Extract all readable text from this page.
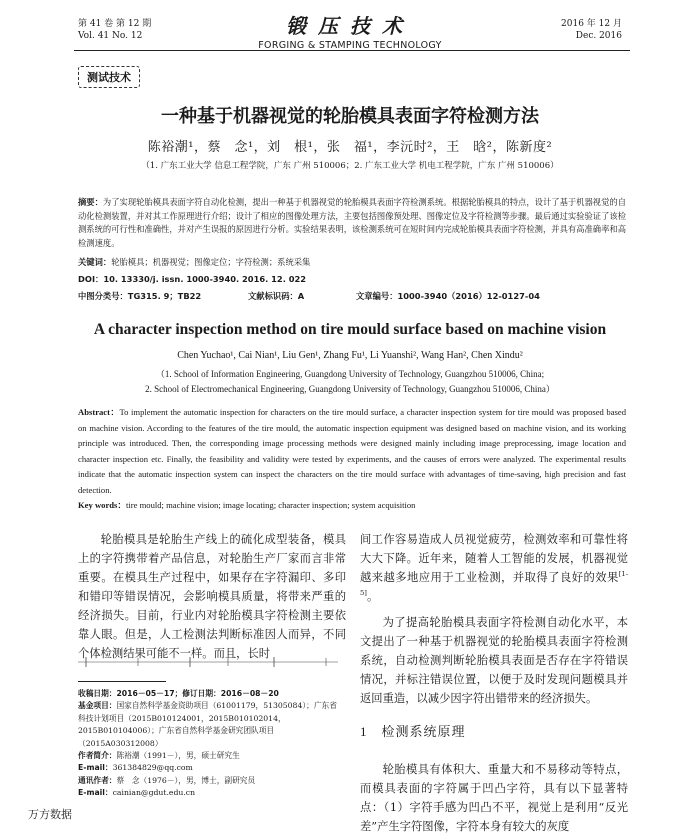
第 41 卷 第 12 期
Vol. 41 No. 12	锻压技术
FORGING & STAMPING TECHNOLOGY
2016 年 12 月
Dec. 2016
测试技术
一种基于机器视觉的轮胎模具表面字符检测方法
陈裕潮¹，蔡　念¹，刘　根¹，张　福¹，李沅时²，王　晗²，陈新度²
（1. 广东工业大学 信息工程学院，广东 广州 510006；2. 广东工业大学 机电工程学院，广东 广州 510006）
摘要：为了实现轮胎模具表面字符自动化检测，提出一种基于机器视觉的轮胎模具表面字符检测系统。根据轮胎模具的特点，设计了基于机器视觉的自动化检测装置，并对其工作原理进行介绍；设计了相应的图像处理方法，主要包括图像预处理、图像定位及字符检测等步骤。最后通过实验验证了该检测系统的可行性和准确性，并对产生误报的原因进行分析。实验结果表明，该检测系统可在短时间内完成轮胎模具表面字符检测，并具有高准确率和高检测速度。
关键词：轮胎模具；机器视觉；图像定位；字符检测；系统采集
DOI：10. 13330/j. issn. 1000-3940. 2016. 12. 022
中图分类号：TG315. 9；TB22	文献标识码：A	文章编号：1000-3940（2016）12-0127-04
A character inspection method on tire mould surface based on machine vision
Chen Yuchao¹, Cai Nian¹, Liu Gen¹, Zhang Fu¹, Li Yuanshi², Wang Han², Chen Xindu²
（1. School of Information Engineering, Guangdong University of Technology, Guangzhou 510006, China;
2. School of Electromechanical Engineering, Guangdong University of Technology, Guangzhou 510006, China）
Abstract：To implement the automatic inspection for characters on the tire mould surface, a character inspection system for tire mould was proposed based on machine vision. According to the features of the tire mould, the automatic inspection equipment was designed based on machine vision, and its working principle was introduced. Then, the corresponding image processing methods were designed mainly including image preprocessing, image location and character inspection etc. Finally, the feasibility and validity were tested by experiments, and the causes of errors were analyzed. The experimental results indicate that the automatic inspection system can inspect the characters on the tire mould surface with advantages of time-saving, high precision and fast detection.
Key words：tire mould; machine vision; image locating; character inspection; system acquisition
轮胎模具是轮胎生产线上的硫化成型装备，模具上的字符携带着产品信息，对轮胎生产厂家而言非常重要。在模具生产过程中，如果存在字符漏印、多印和错印等错误情况，会影响模具质量，将带来严重的经济损失。目前，行业内对轮胎模具字符检测主要依靠人眼。但是，人工检测法判断标准因人而异，不同个体检测结果可能不一样。而且，长时
收稿日期：2016－05－17；修订日期：2016－08－20
基金项目：国家自然科学基金资助项目（61001179，51305084）；广东省科技计划项目（2015B010124001，2015B010102014，2015B010104006）；广东省自然科学基金研究团队项目（2015A030312008）
作者简介：陈裕潮（1991－），男，硕士研究生
E-mail：361384829@qq.com
通讯作者：蔡　念（1976－），男，博士，副研究员
E-mail：cainian@gdut.edu.cn

间工作容易造成人员视觉疲劳，检测效率和可靠性将大大下降。近年来，随着人工智能的发展，机器视觉越来越多地应用于工业检测，并取得了良好的效果[1-5]。

为了提高轮胎模具表面字符检测自动化水平，本文提出了一种基于机器视觉的轮胎模具表面字符检测系统，自动检测判断轮胎模具表面是否存在字符错误情况，并标注错误位置，以便于及时发现问题模具并返回重造，以减少因字符出错带来的经济损失。

1 检测系统原理
轮胎模具有体积大、重量大和不易移动等特点，而模具表面的字符属于凹凸字符，具有以下显著特点：（1）字符手感为凹凸不平，视觉上是利用“反光差”产生字符图像，字符本身有较大的灰度
万方数据
